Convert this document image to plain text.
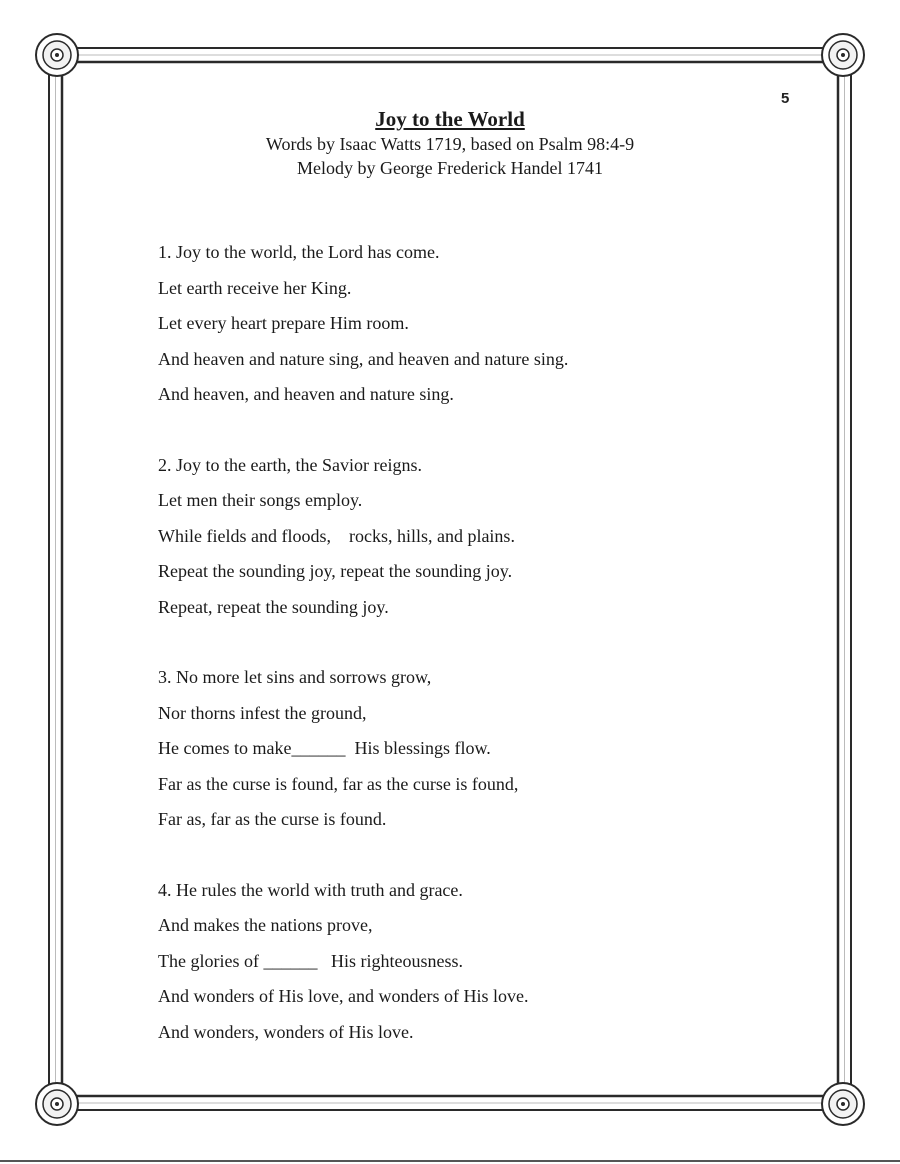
5
Joy to the World
Words by Isaac Watts 1719, based on Psalm 98:4-9
Melody by George Frederick Handel 1741
1. Joy to the world, the Lord has come.
Let earth receive her King.
Let every heart prepare Him room.
And heaven and nature sing, and heaven and nature sing.
And heaven, and heaven and nature sing.
2. Joy to the earth, the Savior reigns.
Let men their songs employ.
While fields and floods,    rocks, hills, and plains.
Repeat the sounding joy, repeat the sounding joy.
Repeat, repeat the sounding joy.
3. No more let sins and sorrows grow,
Nor thorns infest the ground,
He comes to make______  His blessings flow.
Far as the curse is found, far as the curse is found,
Far as, far as the curse is found.
4. He rules the world with truth and grace.
And makes the nations prove,
The glories of ______   His righteousness.
And wonders of His love, and wonders of His love.
And wonders, wonders of His love.
